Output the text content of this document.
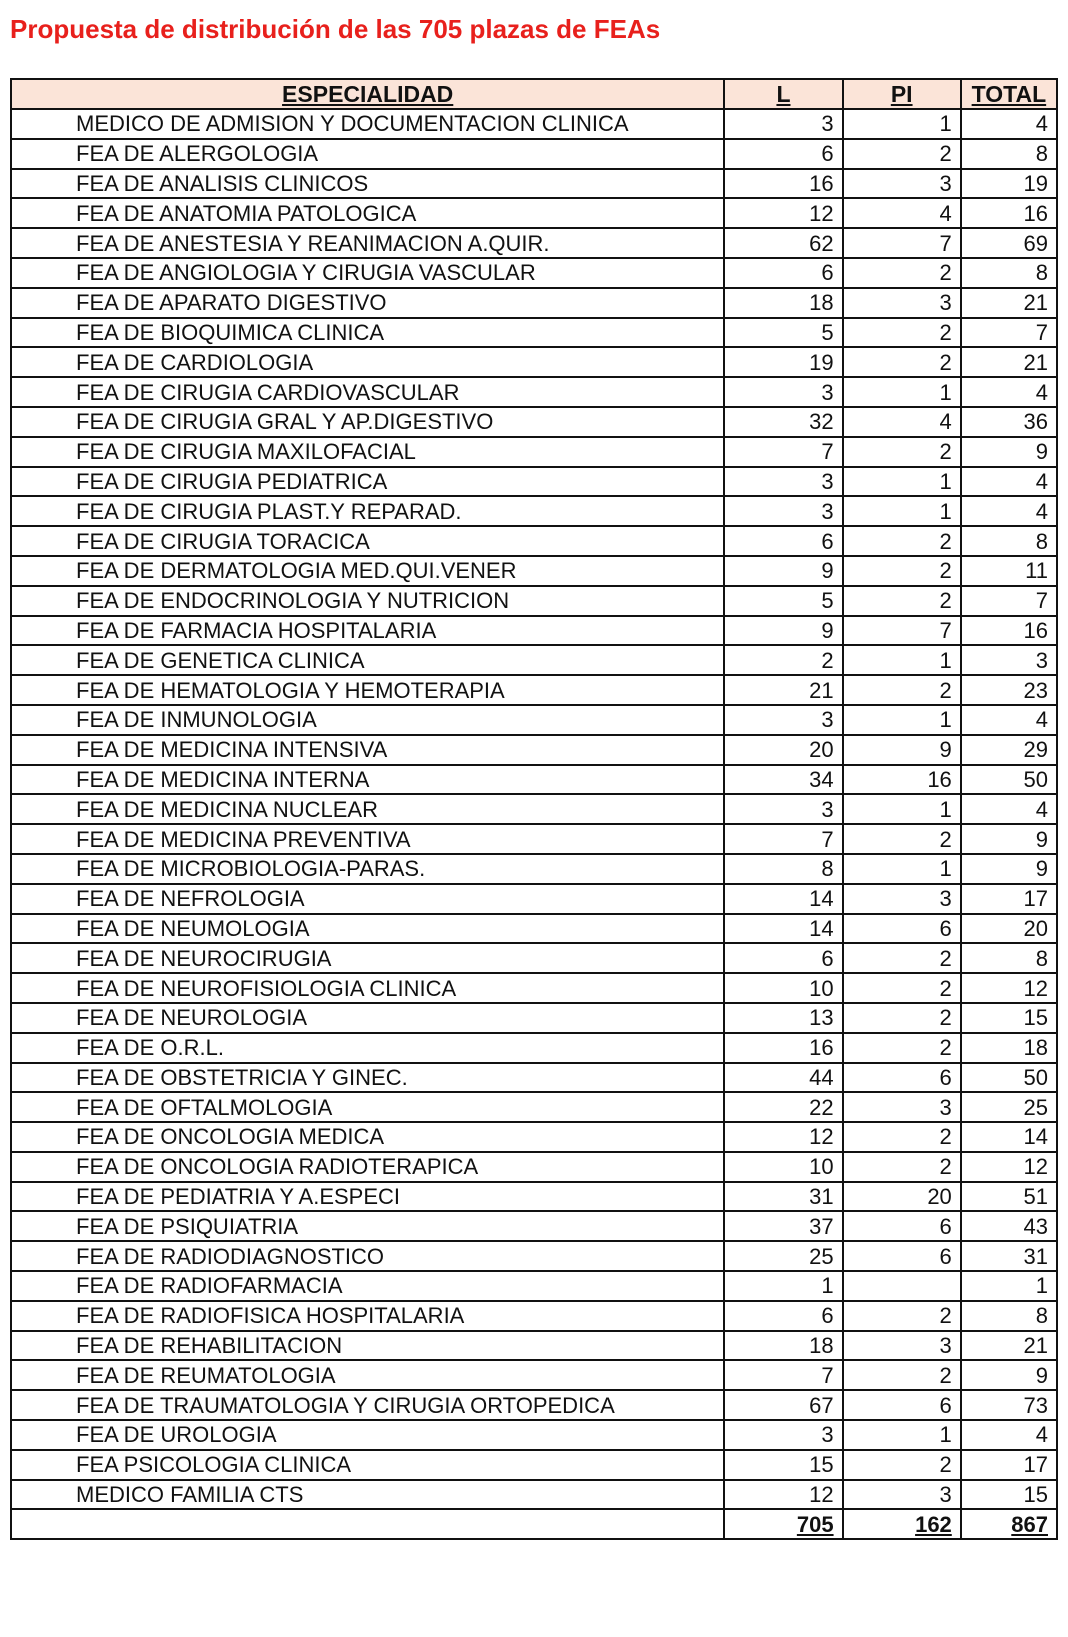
Propuesta de distribución de las 705 plazas de FEAs
ESPECIALIDAD	L	PI	TOTAL
MEDICO DE ADMISION Y DOCUMENTACION CLINICA	3	1	4
FEA DE ALERGOLOGIA	6	2	8
FEA DE ANALISIS CLINICOS	16	3	19
FEA DE ANATOMIA PATOLOGICA	12	4	16
FEA DE ANESTESIA Y REANIMACION A.QUIR.	62	7	69
FEA DE ANGIOLOGIA Y CIRUGIA VASCULAR	6	2	8
FEA DE APARATO DIGESTIVO	18	3	21
FEA DE BIOQUIMICA CLINICA	5	2	7
FEA DE CARDIOLOGIA	19	2	21
FEA DE CIRUGIA CARDIOVASCULAR	3	1	4
FEA DE CIRUGIA GRAL Y AP.DIGESTIVO	32	4	36
FEA DE CIRUGIA MAXILOFACIAL	7	2	9
FEA DE CIRUGIA PEDIATRICA	3	1	4
FEA DE CIRUGIA PLAST.Y REPARAD.	3	1	4
FEA DE CIRUGIA TORACICA	6	2	8
FEA DE DERMATOLOGIA MED.QUI.VENER	9	2	11
FEA DE ENDOCRINOLOGIA Y NUTRICION	5	2	7
FEA DE FARMACIA HOSPITALARIA	9	7	16
FEA DE GENETICA CLINICA	2	1	3
FEA DE HEMATOLOGIA Y HEMOTERAPIA	21	2	23
FEA DE INMUNOLOGIA	3	1	4
FEA DE MEDICINA INTENSIVA	20	9	29
FEA DE MEDICINA INTERNA	34	16	50
FEA DE MEDICINA NUCLEAR	3	1	4
FEA DE MEDICINA PREVENTIVA	7	2	9
FEA DE MICROBIOLOGIA-PARAS.	8	1	9
FEA DE NEFROLOGIA	14	3	17
FEA DE NEUMOLOGIA	14	6	20
FEA DE NEUROCIRUGIA	6	2	8
FEA DE NEUROFISIOLOGIA CLINICA	10	2	12
FEA DE NEUROLOGIA	13	2	15
FEA DE O.R.L.	16	2	18
FEA DE OBSTETRICIA Y GINEC.	44	6	50
FEA DE OFTALMOLOGIA	22	3	25
FEA DE ONCOLOGIA MEDICA	12	2	14
FEA DE ONCOLOGIA RADIOTERAPICA	10	2	12
FEA DE PEDIATRIA Y A.ESPECI	31	20	51
FEA DE PSIQUIATRIA	37	6	43
FEA DE RADIODIAGNOSTICO	25	6	31
FEA DE RADIOFARMACIA	1		1
FEA DE RADIOFISICA HOSPITALARIA	6	2	8
FEA DE REHABILITACION	18	3	21
FEA DE REUMATOLOGIA	7	2	9
FEA DE TRAUMATOLOGIA Y CIRUGIA ORTOPEDICA	67	6	73
FEA DE UROLOGIA	3	1	4
FEA PSICOLOGIA CLINICA	15	2	17
MEDICO FAMILIA CTS	12	3	15
	705	162	867
